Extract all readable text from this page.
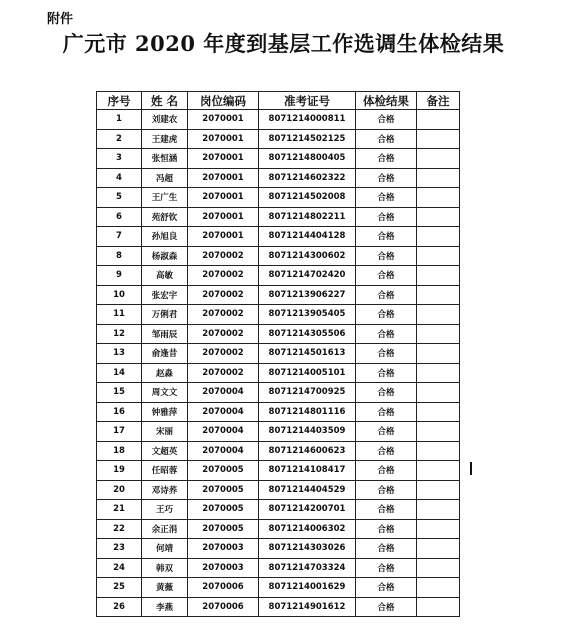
附件
广元市 2020 年度到基层工作选调生体检结果
序号	姓 名	岗位编码	准考证号	体检结果	备注
1	刘建农	2070001	8071214000811	合格	
2	王建虎	2070001	8071214502125	合格	
3	张恒涵	2070001	8071214800405	合格	
4	冯超	2070001	8071214602322	合格	
5	王广生	2070001	8071214502008	合格	
6	苑舒钦	2070001	8071214802211	合格	
7	孙旭良	2070001	8071214404128	合格	
8	杨淑森	2070002	8071214300602	合格	
9	高敏	2070002	8071214702420	合格	
10	张宏宇	2070002	8071213906227	合格	
11	万俐君	2070002	8071213905405	合格	
12	邹雨辰	2070002	8071214305506	合格	
13	俞逢昔	2070002	8071214501613	合格	
14	赵淼	2070002	8071214005101	合格	
15	周文文	2070004	8071214700925	合格	
16	钟雅萍	2070004	8071214801116	合格	
17	宋丽	2070004	8071214403509	合格	
18	文超英	2070004	8071214600623	合格	
19	任昭蓉	2070005	8071214108417	合格	
20	邓诗荞	2070005	8071214404529	合格	
21	王巧	2070005	8071214200701	合格	
22	余正涓	2070005	8071214006302	合格	
23	何靖	2070003	8071214303026	合格	
24	韩双	2070003	8071214703324	合格	
25	黄薇	2070006	8071214001629	合格	
26	李燕	2070006	8071214901612	合格	
